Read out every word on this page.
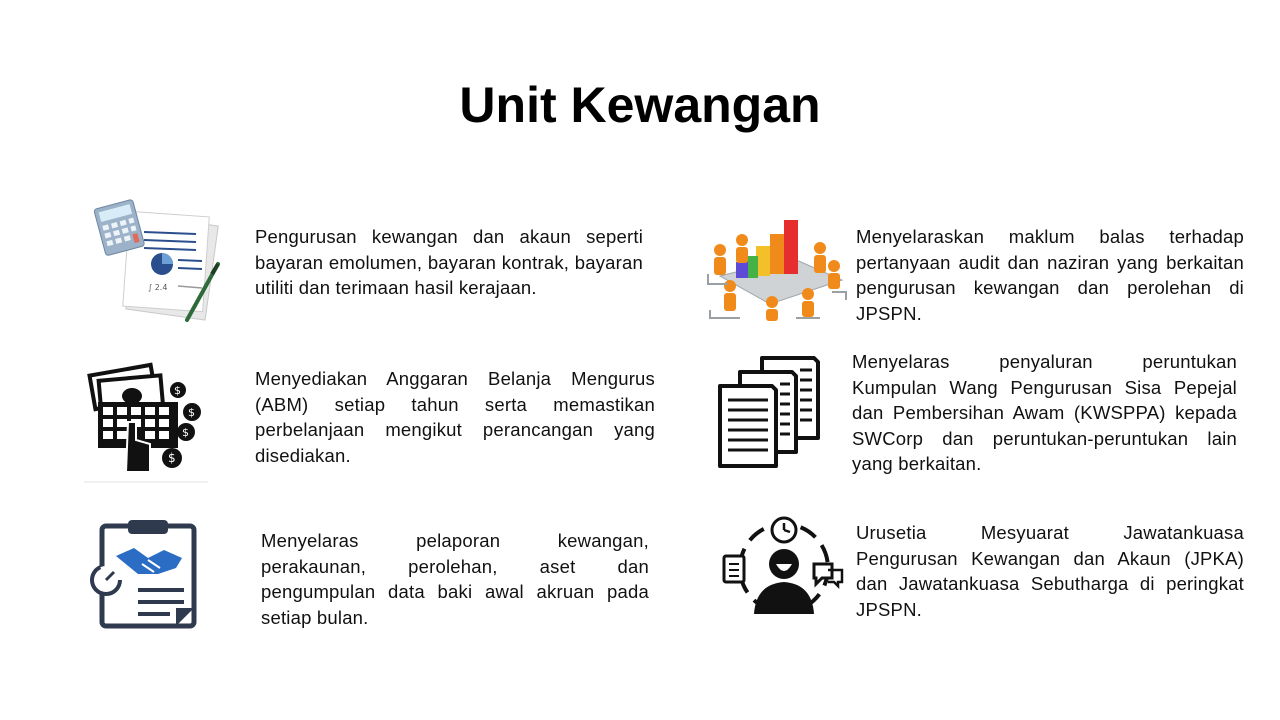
Unit Kewangan
∫ 2.4
$
$
$
$

Pengurusan kewangan dan akaun seperti bayaran emolumen, bayaran kontrak, bayaran utiliti dan terimaan hasil kerajaan.

Menyediakan Anggaran Belanja Mengurus (ABM) setiap tahun serta memastikan perbelanjaan mengikut perancangan yang disediakan.

Menyelaras pelaporan kewangan, perakaunan, perolehan, aset dan pengumpulan data baki awal akruan pada setiap bulan.

Menyelaraskan maklum balas terhadap pertanyaan audit dan naziran yang berkaitan pengurusan kewangan dan perolehan di JPSPN.

Menyelaras penyaluran peruntukan Kumpulan Wang Pengurusan Sisa Pepejal dan Pembersihan Awam (KWSPPA) kepada SWCorp dan peruntukan-peruntukan lain yang berkaitan.

Urusetia Mesyuarat Jawatankuasa Pengurusan Kewangan dan Akaun (JPKA) dan Jawatankuasa Sebutharga di peringkat JPSPN.
